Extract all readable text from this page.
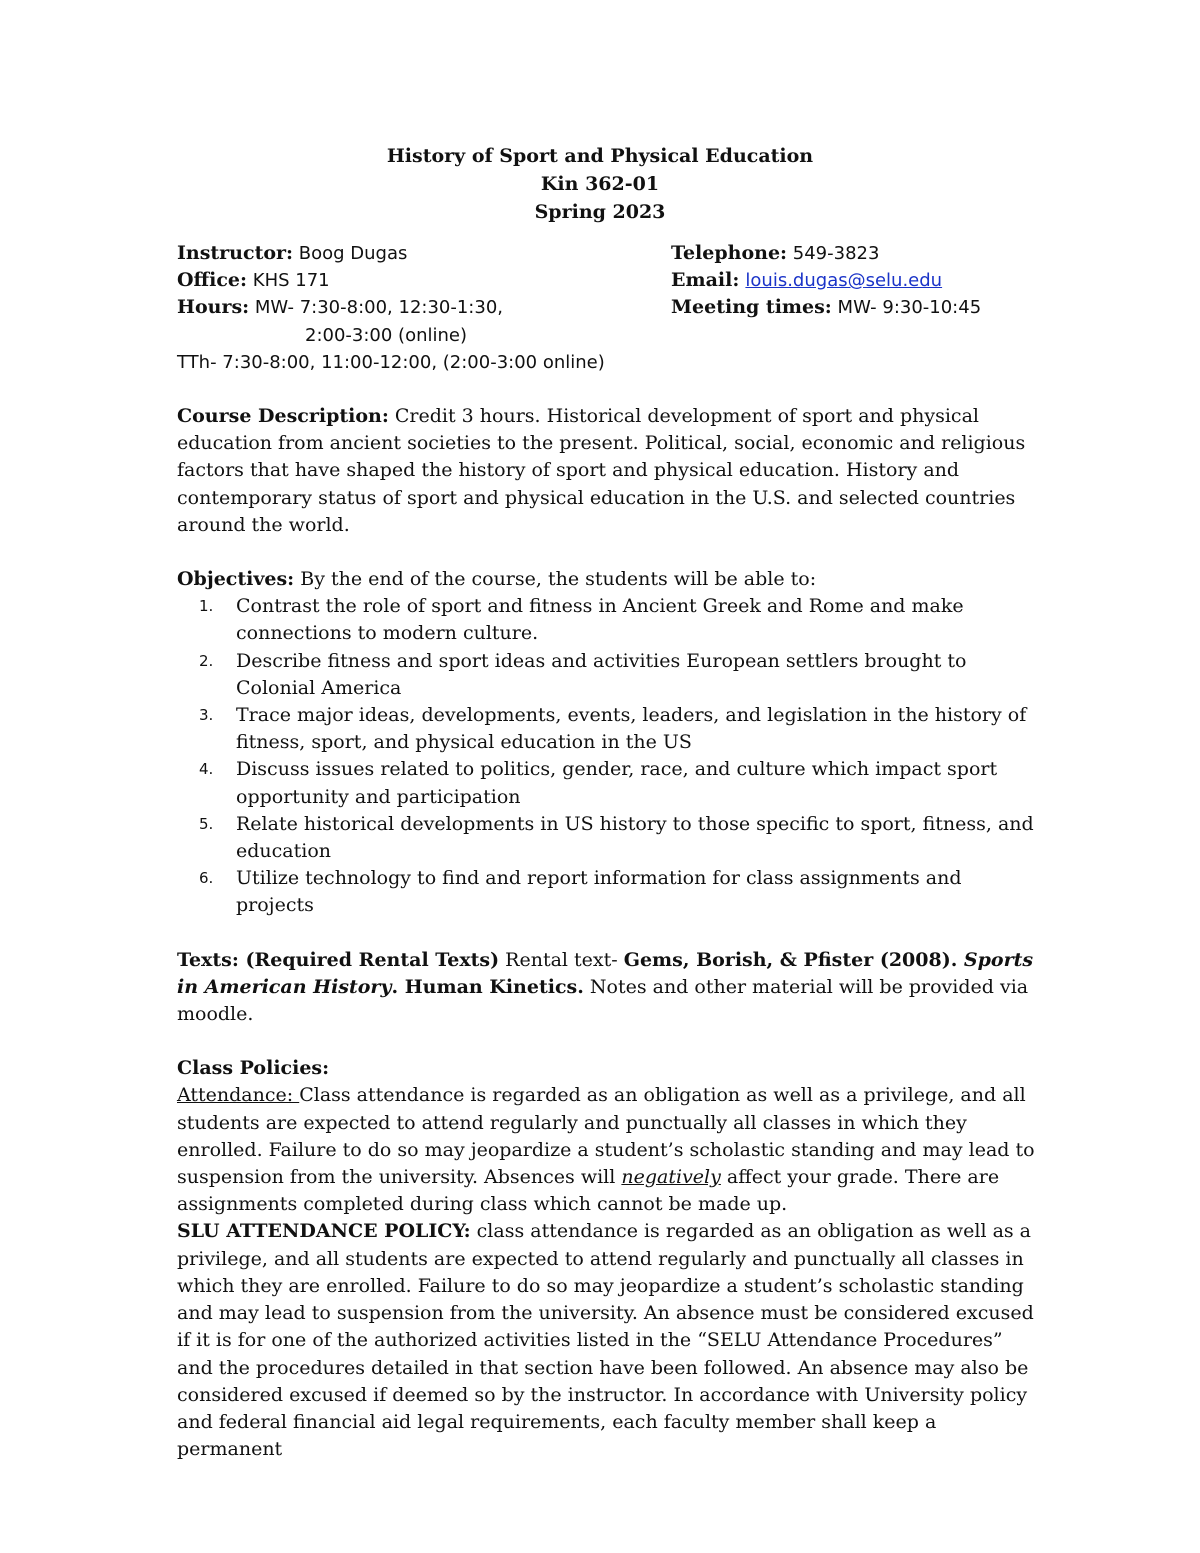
History of Sport and Physical Education
Kin 362-01
Spring 2023
Instructor: Boog Dugas
Office: KHS 171
Hours: MW- 7:30-8:00, 12:30-1:30,
2:00-3:00 (online)
TTh- 7:30-8:00, 11:00-12:00, (2:00-3:00 online)
Telephone: 549-3823
Email: louis.dugas@selu.edu
Meeting times: MW- 9:30-10:45

Course Description: Credit 3 hours. Historical development of sport and physical education from ancient societies to the present. Political, social, economic and religious factors that have shaped the history of sport and physical education. History and contemporary status of sport and physical education in the U.S. and selected countries around the world.

Objectives: By the end of the course, the students will be able to:

1. Contrast the role of sport and fitness in Ancient Greek and Rome and make connections to modern culture.
2. Describe fitness and sport ideas and activities European settlers brought to Colonial America
3. Trace major ideas, developments, events, leaders, and legislation in the history of fitness, sport, and physical education in the US
4. Discuss issues related to politics, gender, race, and culture which impact sport opportunity and participation
5. Relate historical developments in US history to those specific to sport, fitness, and education
6. Utilize technology to find and report information for class assignments and projects

Texts: (Required Rental Texts) Rental text- Gems, Borish, & Pfister (2008). Sports in American History. Human Kinetics. Notes and other material will be provided via moodle.

Class Policies:

Attendance: Class attendance is regarded as an obligation as well as a privilege, and all students are expected to attend regularly and punctually all classes in which they enrolled. Failure to do so may jeopardize a student’s scholastic standing and may lead to suspension from the university. Absences will negatively affect your grade. There are assignments completed during class which cannot be made up.

SLU ATTENDANCE POLICY: class attendance is regarded as an obligation as well as a privilege, and all students are expected to attend regularly and punctually all classes in which they are enrolled. Failure to do so may jeopardize a student’s scholastic standing and may lead to suspension from the university. An absence must be considered excused if it is for one of the authorized activities listed in the “SELU Attendance Procedures” and the procedures detailed in that section have been followed. An absence may also be considered excused if deemed so by the instructor. In accordance with University policy and federal financial aid legal requirements, each faculty member shall keep a permanent
